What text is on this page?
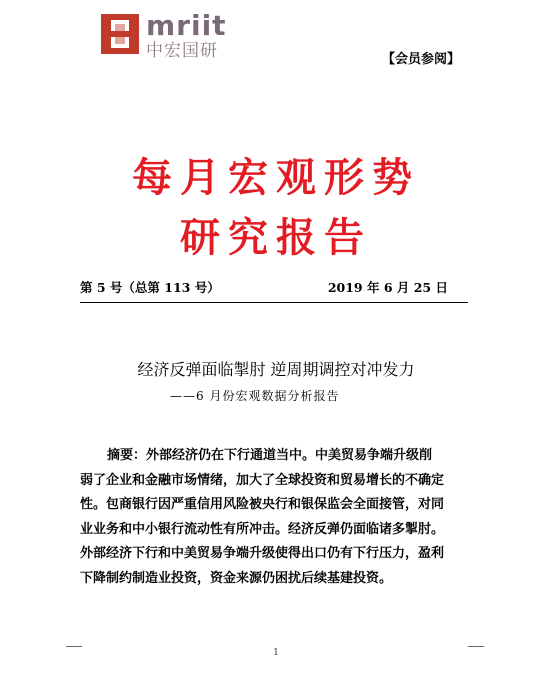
mriit
中宏国研	【会员参阅】
每月宏观形势
研究报告
第 5 号（总第 113 号）	2019 年 6 月 25 日
经济反弹面临掣肘 逆周期调控对冲发力
——6 月份宏观数据分析报告
摘要：外部经济仍在下行通道当中。中美贸易争端升级削
弱了企业和金融市场情绪，加大了全球投资和贸易增长的不确定
性。包商银行因严重信用风险被央行和银保监会全面接管，对同
业业务和中小银行流动性有所冲击。经济反弹仍面临诸多掣肘。
外部经济下行和中美贸易争端升级使得出口仍有下行压力，盈利
下降制约制造业投资，资金来源仍困扰后续基建投资。
1
